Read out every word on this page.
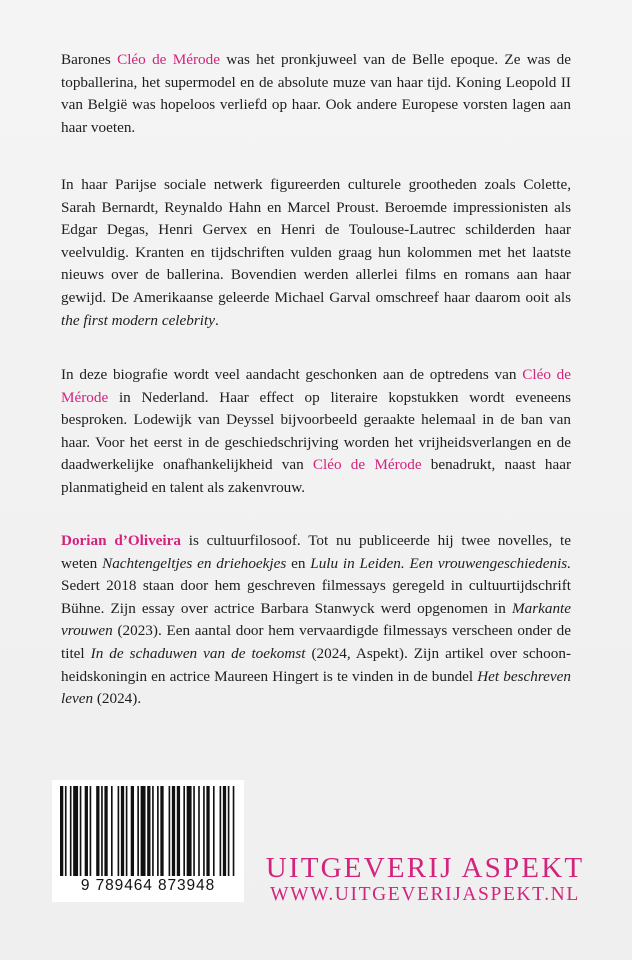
Barones Cléo de Mérode was het pronkjuweel van de Belle epoque. Ze was de topballerina, het supermodel en de absolute muze van haar tijd. Koning Leopold II van België was hopeloos verliefd op haar. Ook andere Europese vorsten lagen aan haar voeten.

In haar Parijse sociale netwerk figureerden culturele grootheden zoals Colette, Sarah Bernardt, Reynaldo Hahn en Marcel Proust. Beroemde impressionisten als Edgar Degas, Henri Gervex en Henri de Toulouse-Lautrec schilderden haar veelvuldig. Kranten en tijdschriften vulden graag hun kolommen met het laatste nieuws over de ballerina. Bovendien werden allerlei films en romans aan haar gewijd. De Amerikaanse geleerde Michael Garval omschreef haar daarom ooit als the first modern celebrity.

In deze biografie wordt veel aandacht geschonken aan de optredens van Cléo de Mérode in Nederland. Haar effect op literaire kopstukken wordt eveneens besproken. Lodewijk van Deyssel bijvoorbeeld geraakte helemaal in de ban van haar. Voor het eerst in de geschiedschrijving worden het vrijheidsverlangen en de daadwerkelijke onafhankelijkheid van Cléo de Mérode benadrukt, naast haar planmatigheid en talent als zakenvrouw.

Dorian d’Oliveira is cultuurfilosoof. Tot nu publiceerde hij twee novelles, te weten Nachtengeltjes en driehoekjes en Lulu in Leiden. Een vrouwengeschiedenis. Sedert 2018 staan door hem geschreven filmessays geregeld in cultuurtijdschrift Bühne. Zijn essay over actrice Barbara Stanwyck werd opgenomen in Markante vrouwen (2023). Een aantal door hem vervaardigde filmessays verscheen onder de titel In de schaduwen van de toekomst (2024, Aspekt). Zijn artikel over schoonheidskoningin en actrice Maureen Hingert is te vinden in de bundel Het beschreven leven (2024).

9 789464 873948
UITGEVERIJ ASPEKT
WWW.UITGEVERIJASPEKT.NL
